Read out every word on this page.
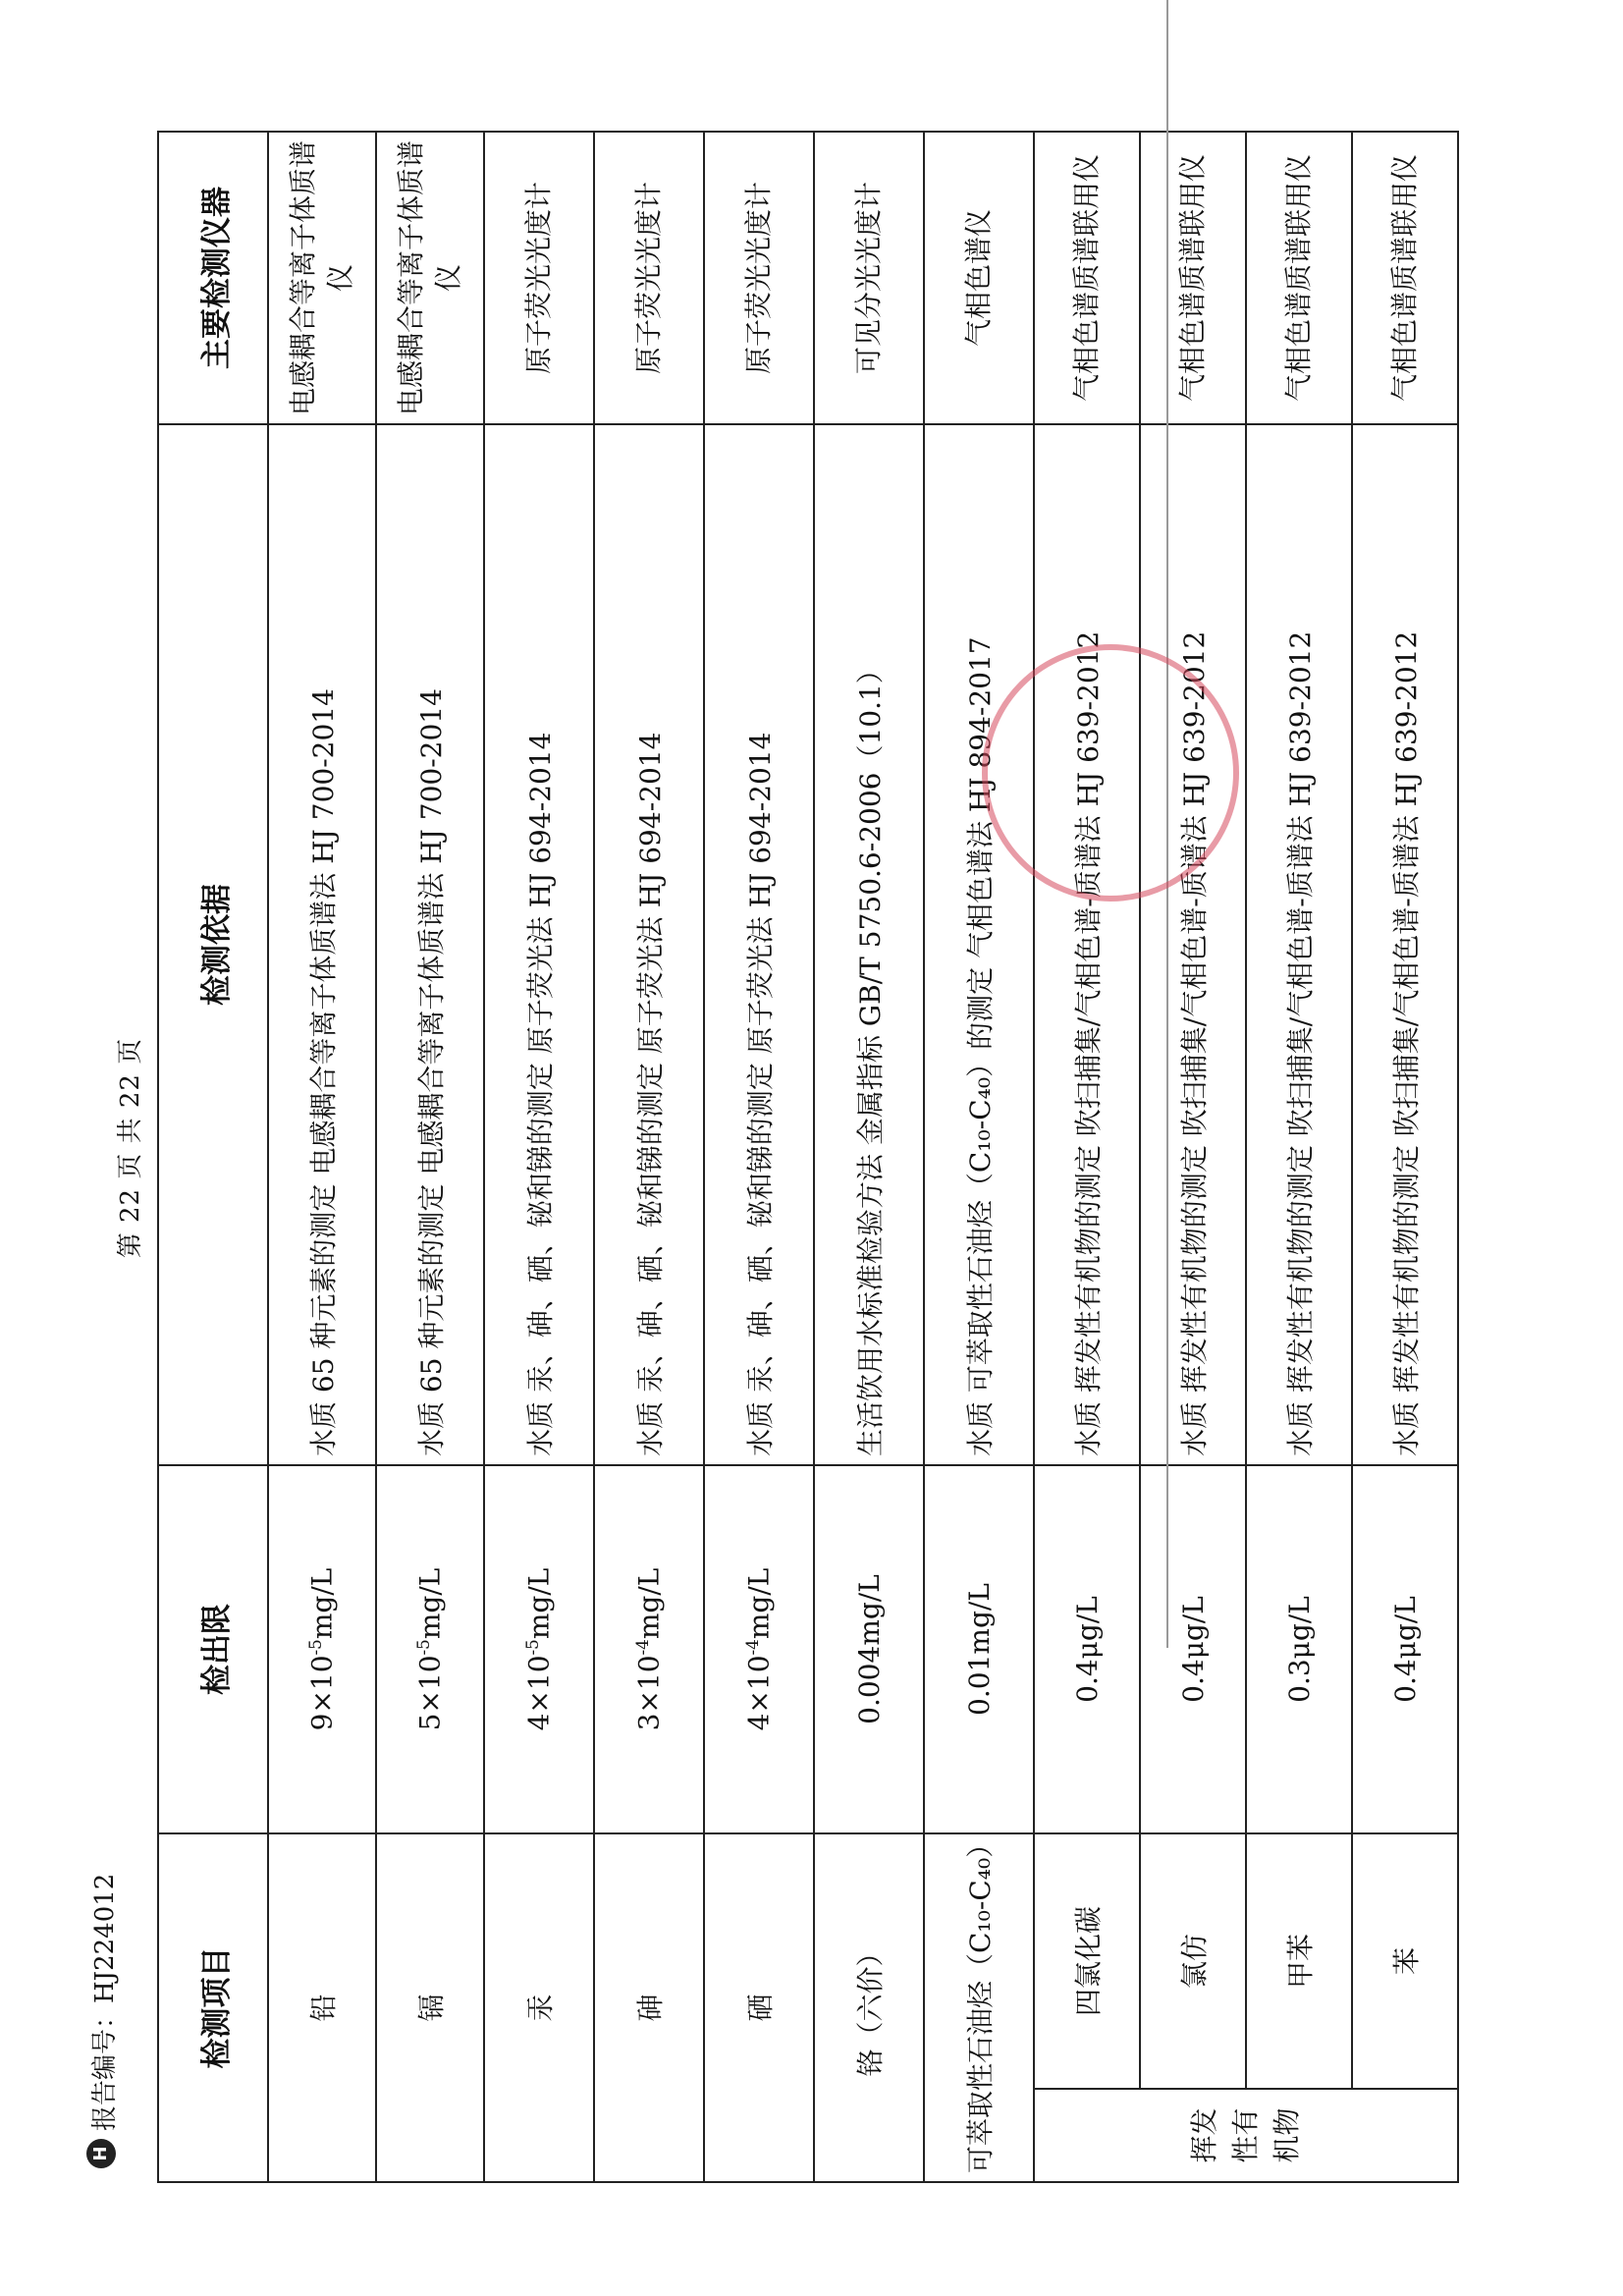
H
报告编号：HJ224012
第 22 页 共 22 页
检测项目		检出限	检测依据	主要检测仪器
铅		$9\times 10^{-5}mg/L$	水质 65 种元素的测定 电感耦合等离子体质谱法 HJ 700-2014	电感耦合等离子体质谱仪
镉		$5\times 10^{-5}mg/L$	水质 65 种元素的测定 电感耦合等离子体质谱法 HJ 700-2014	电感耦合等离子体质谱仪
汞		$4\times 10^{-5}mg/L$	水质 汞、砷、硒、铋和锑的测定 原子荧光法 HJ 694-2014	原子荧光光度计
砷		$3\times 10^{-4}mg/L$	水质 汞、砷、硒、铋和锑的测定 原子荧光法 HJ 694-2014	原子荧光光度计
硒		$4\times 10^{-4}mg/L$	水质 汞、砷、硒、铋和锑的测定 原子荧光法 HJ 694-2014	原子荧光光度计
铬（六价）		0.004mg/L	生活饮用水标准检验方法 金属指标 GB/T 5750.6-2006（10.1）	可见分光光度计
可萃取性石油烃（C₁₀-C₄₀）		0.01mg/L	水质 可萃取性石油烃（C₁₀-C₄₀）的测定 气相色谱法 HJ 894-2017	气相色谱仪
挥发性有机物	四氯化碳	0.4μg/L	水质 挥发性有机物的测定 吹扫捕集/气相色谱-质谱法 HJ 639-2012	气相色谱质谱联用仪
	氯仿	0.4μg/L	水质 挥发性有机物的测定 吹扫捕集/气相色谱-质谱法 HJ 639-2012	气相色谱质谱联用仪
	甲苯	0.3μg/L	水质 挥发性有机物的测定 吹扫捕集/气相色谱-质谱法 HJ 639-2012	气相色谱质谱联用仪
	苯	0.4μg/L	水质 挥发性有机物的测定 吹扫捕集/气相色谱-质谱法 HJ 639-2012	气相色谱质谱联用仪
